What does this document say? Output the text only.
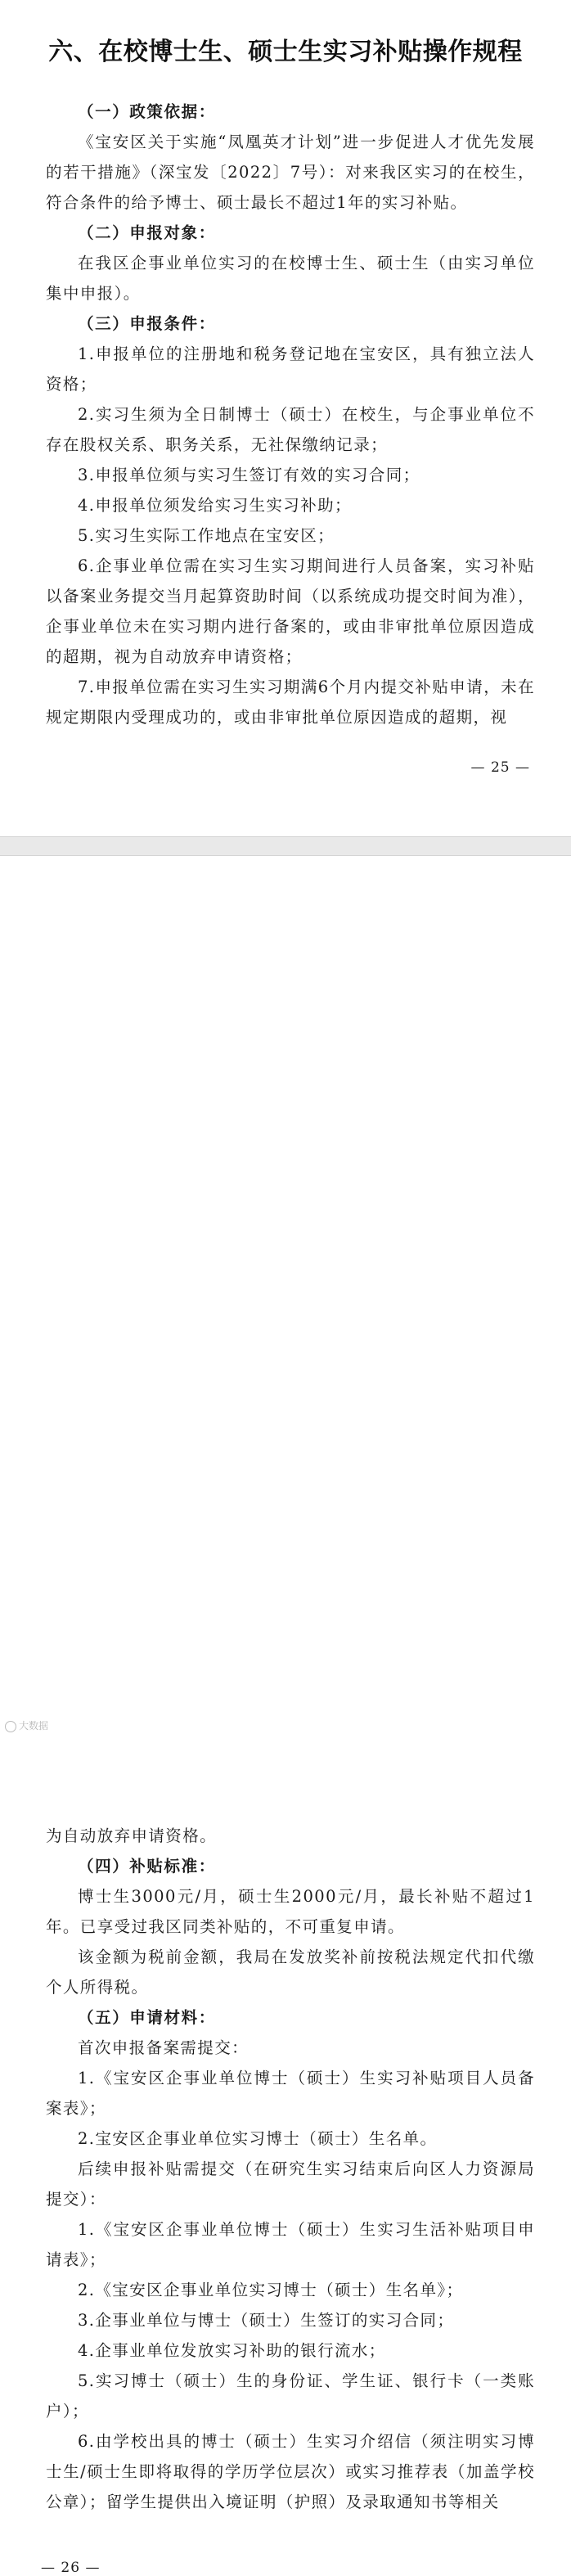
六、在校博士生、硕士生实习补贴操作规程

（一）政策依据：

《宝安区关于实施“凤凰英才计划”进一步促进人才优先发展的若干措施》（深宝发〔2022〕7号）：对来我区实习的在校生，符合条件的给予博士、硕士最长不超过1年的实习补贴。

（二）申报对象：

在我区企事业单位实习的在校博士生、硕士生（由实习单位集中申报）。

（三）申报条件：

1.申报单位的注册地和税务登记地在宝安区，具有独立法人资格；

2.实习生须为全日制博士（硕士）在校生，与企事业单位不存在股权关系、职务关系，无社保缴纳记录；

3.申报单位须与实习生签订有效的实习合同；

4.申报单位须发给实习生实习补助；

5.实习生实际工作地点在宝安区；

6.企事业单位需在实习生实习期间进行人员备案，实习补贴以备案业务提交当月起算资助时间（以系统成功提交时间为准），企事业单位未在实习期内进行备案的，或由非审批单位原因造成的超期，视为自动放弃申请资格；

7.申报单位需在实习生实习期满6个月内提交补贴申请，未在规定期限内受理成功的，或由非审批单位原因造成的超期，视

— 25 —

为自动放弃申请资格。

（四）补贴标准：

博士生3000元/月，硕士生2000元/月，最长补贴不超过1年。已享受过我区同类补贴的，不可重复申请。

该金额为税前金额，我局在发放奖补前按税法规定代扣代缴个人所得税。

（五）申请材料：

首次申报备案需提交：

1.《宝安区企事业单位博士（硕士）生实习补贴项目人员备案表》；

2.宝安区企事业单位实习博士（硕士）生名单。

后续申报补贴需提交（在研究生实习结束后向区人力资源局提交）：

1.《宝安区企事业单位博士（硕士）生实习生活补贴项目申请表》；

2.《宝安区企事业单位实习博士（硕士）生名单》；

3.企事业单位与博士（硕士）生签订的实习合同；

4.企事业单位发放实习补助的银行流水；

5.实习博士（硕士）生的身份证、学生证、银行卡（一类账户）；

6.由学校出具的博士（硕士）生实习介绍信（须注明实习博士生/硕士生即将取得的学历学位层次）或实习推荐表（加盖学校公章）；留学生提供出入境证明（护照）及录取通知书等相关

— 26 —
大数据
